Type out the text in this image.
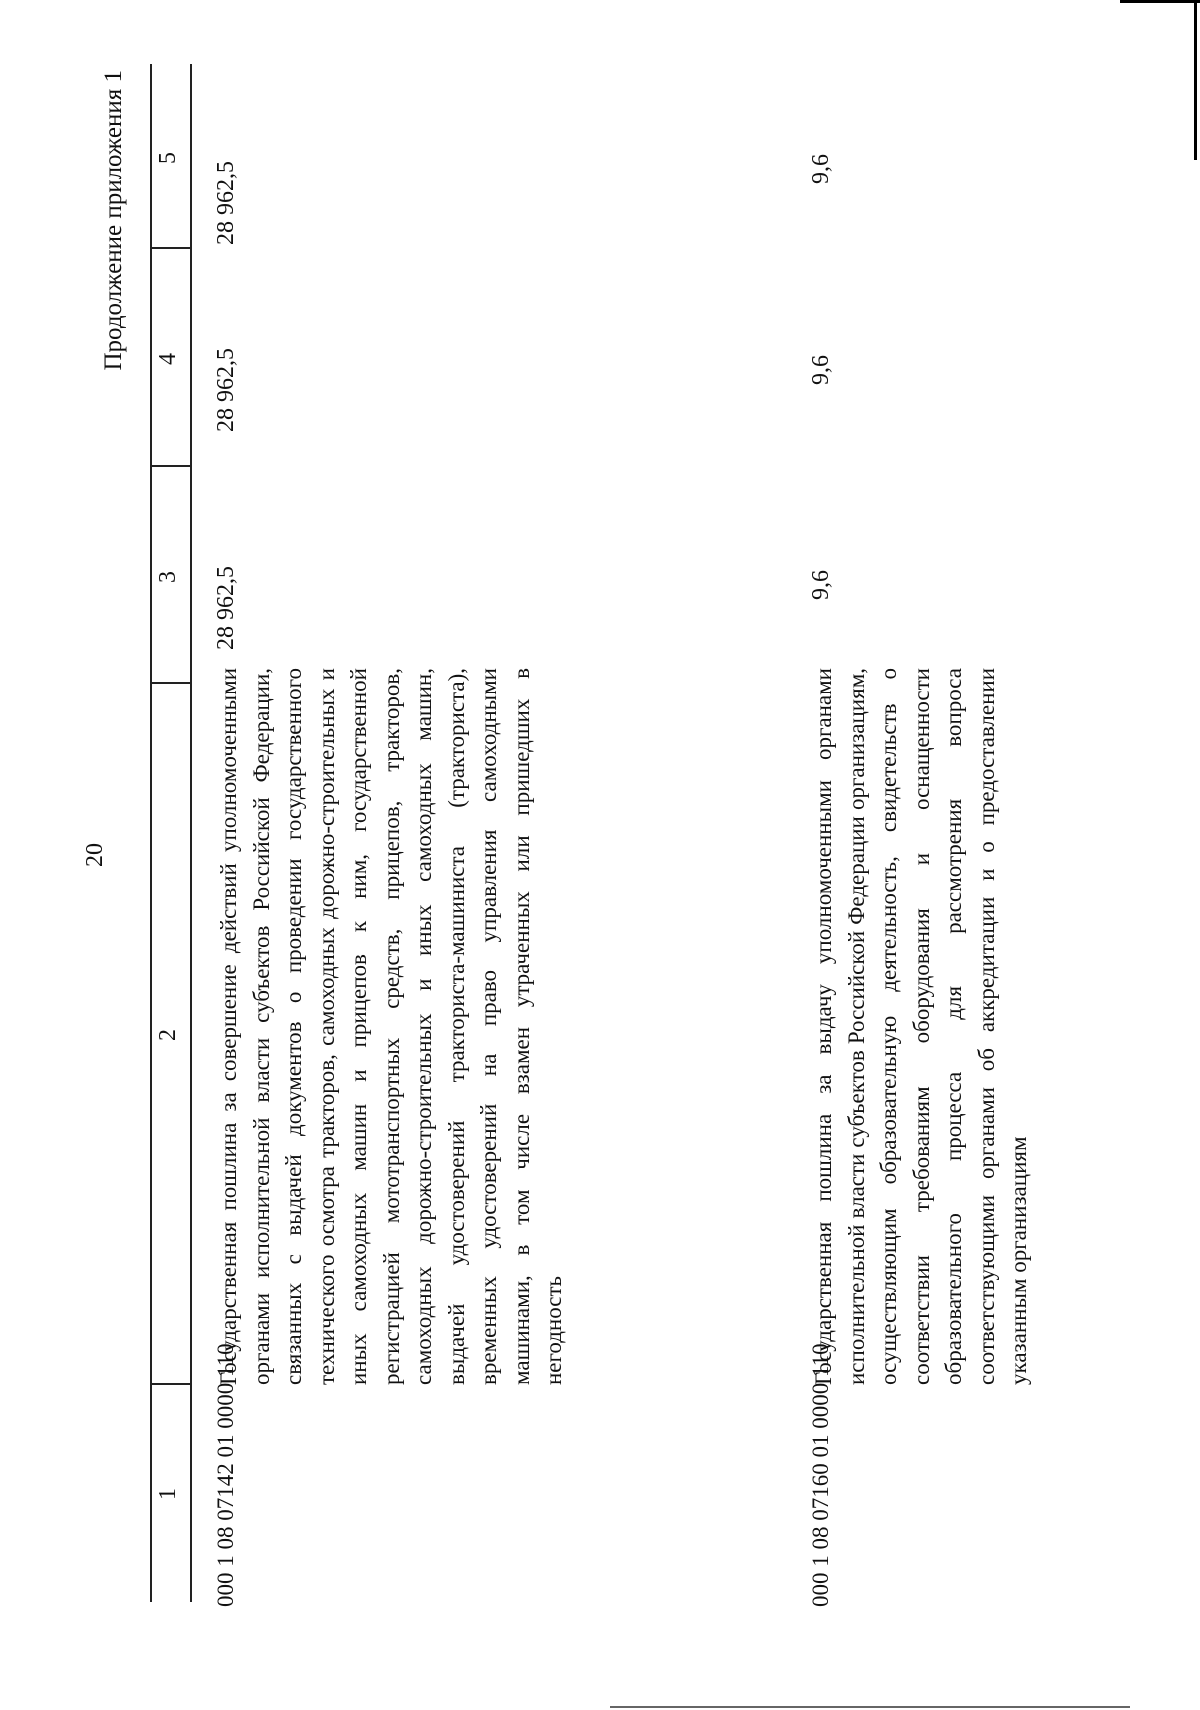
20
Продолжение приложения 1
1
2
3
4
5
000 1 08 07142 01 0000 110
Государственная пошлина за совершение действий уполномоченными органами исполнительной власти субъектов Российской Федерации, связанных с выдачей документов о проведении государственного технического осмотра тракторов, самоходных дорожно-строительных и иных самоходных машин и прицепов к ним, государственной регистрацией мототранспортных средств, прицепов, тракторов, самоходных дорожно-строительных и иных самоходных машин, выдачей удостоверений тракториста-машиниста (тракториста), временных удостоверений на право управления самоходными машинами, в том числе взамен утраченных или пришедших в негодность
28 962,5
28 962,5
28 962,5
000 1 08 07160 01 0000 110
Государственная пошлина за выдачу уполномоченными органами исполнительной власти субъектов Российской Федерации организациям, осуществляющим образовательную деятельность, свидетельств о соответствии требованиям оборудования и оснащенности образовательного процесса для рассмотрения вопроса соответствующими органами об аккредитации и о предоставлении указанным организациям
9,6
9,6
9,6
